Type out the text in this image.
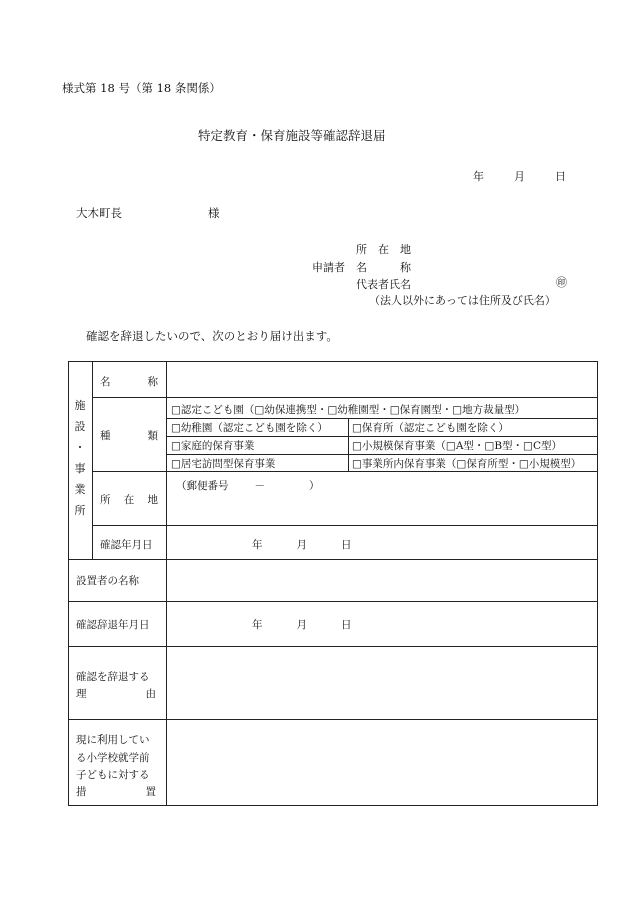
様式第 18 号（第 18 条関係）
特定教育・保育施設等確認辞退届
年	月	日
大木町長	様
申請者
所　在　地
名　　　称
代表者氏名	㊞
（法人以外にあっては住所及び氏名）
確認を辞退したいので、次のとおり届け出ます。
施
設
・
事
業
所
名	称
種	類
□認定こども園（□幼保連携型・□幼稚園型・□保育園型・□地方裁量型）
□幼稚園（認定こども園を除く） □保育所（認定こども園を除く）
□家庭的保育事業	□小規模保育事業（□A型・□B型・□C型）
□居宅訪問型保育事業	□事業所内保育事業（□保育所型・□小規模型）
所 在 地
（郵便番号 －	）
確認年月日	年	月	日
設置者の名称
確認辞退年月日	年	月	日
確認を辞退する
理	由
現に利用してい
る小学校就学前
子どもに対する
措	置
